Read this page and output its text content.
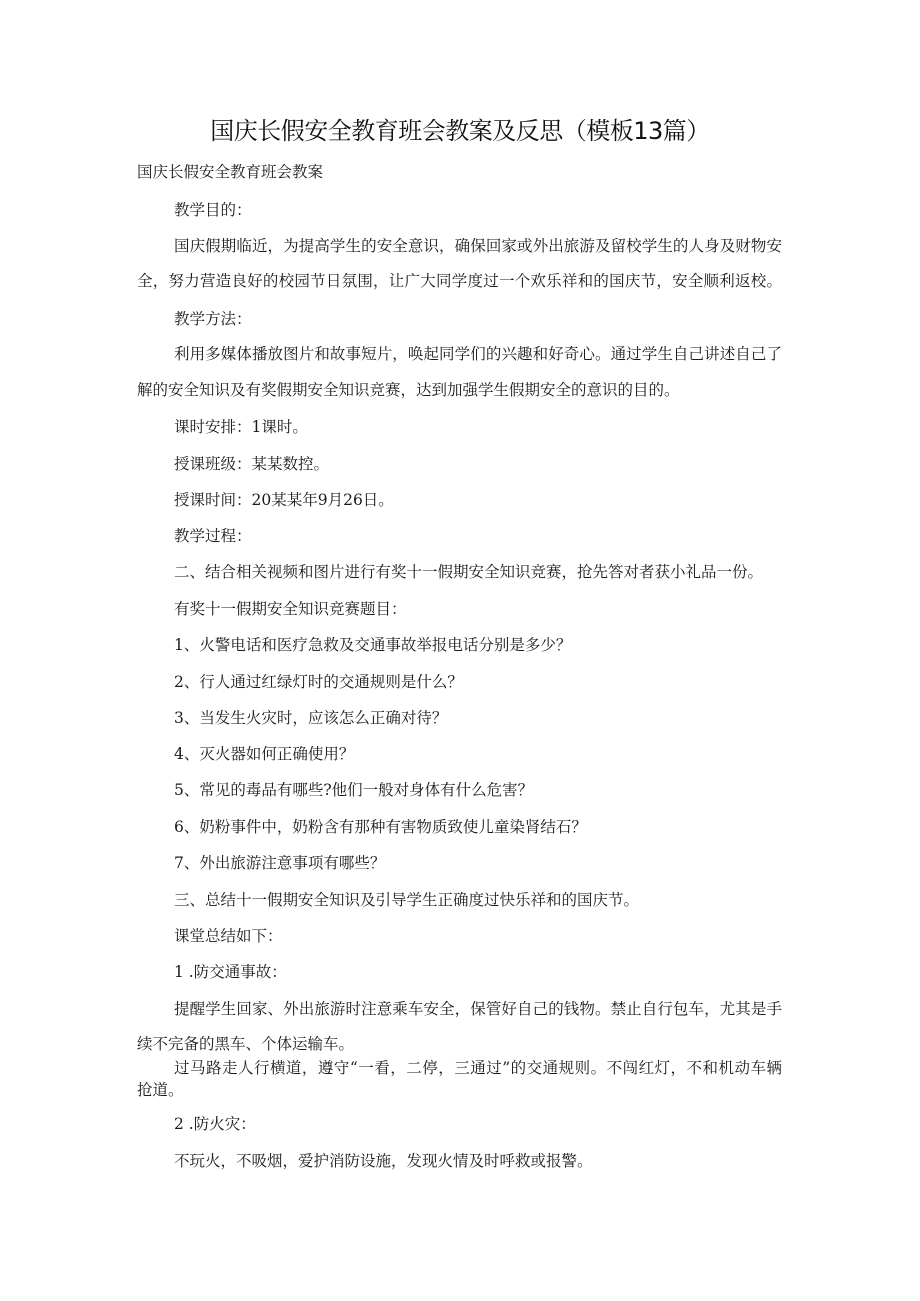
国庆长假安全教育班会教案及反思（模板13篇）
国庆长假安全教育班会教案
教学目的：
国庆假期临近，为提高学生的安全意识，确保回家或外出旅游及留校学生的人身及财物安
全，努力营造良好的校园节日氛围，让广大同学度过一个欢乐祥和的国庆节，安全顺利返校。
教学方法：
利用多媒体播放图片和故事短片，唤起同学们的兴趣和好奇心。通过学生自己讲述自己了
解的安全知识及有奖假期安全知识竞赛，达到加强学生假期安全的意识的目的。
课时安排：1课时。
授课班级：某某数控。
授课时间：20某某年9月26日。
教学过程：
二、结合相关视频和图片进行有奖十一假期安全知识竞赛，抢先答对者获小礼品一份。
有奖十一假期安全知识竞赛题目：
1、火警电话和医疗急救及交通事故举报电话分别是多少？
2、行人通过红绿灯时的交通规则是什么？
3、当发生火灾时，应该怎么正确对待？
4、灭火器如何正确使用？
5、常见的毒品有哪些?他们一般对身体有什么危害？
6、奶粉事件中，奶粉含有那种有害物质致使儿童染肾结石？
7、外出旅游注意事项有哪些？
三、总结十一假期安全知识及引导学生正确度过快乐祥和的国庆节。
课堂总结如下：
1 .防交通事故：
提醒学生回家、外出旅游时注意乘车安全，保管好自己的钱物。禁止自行包车，尤其是手
续不完备的黑车、个体运输车。
过马路走人行横道，遵守“一看，二停，三通过”的交通规则。不闯红灯，不和机动车辆
抢道。
2 .防火灾：
不玩火，不吸烟，爱护消防设施，发现火情及时呼救或报警。
